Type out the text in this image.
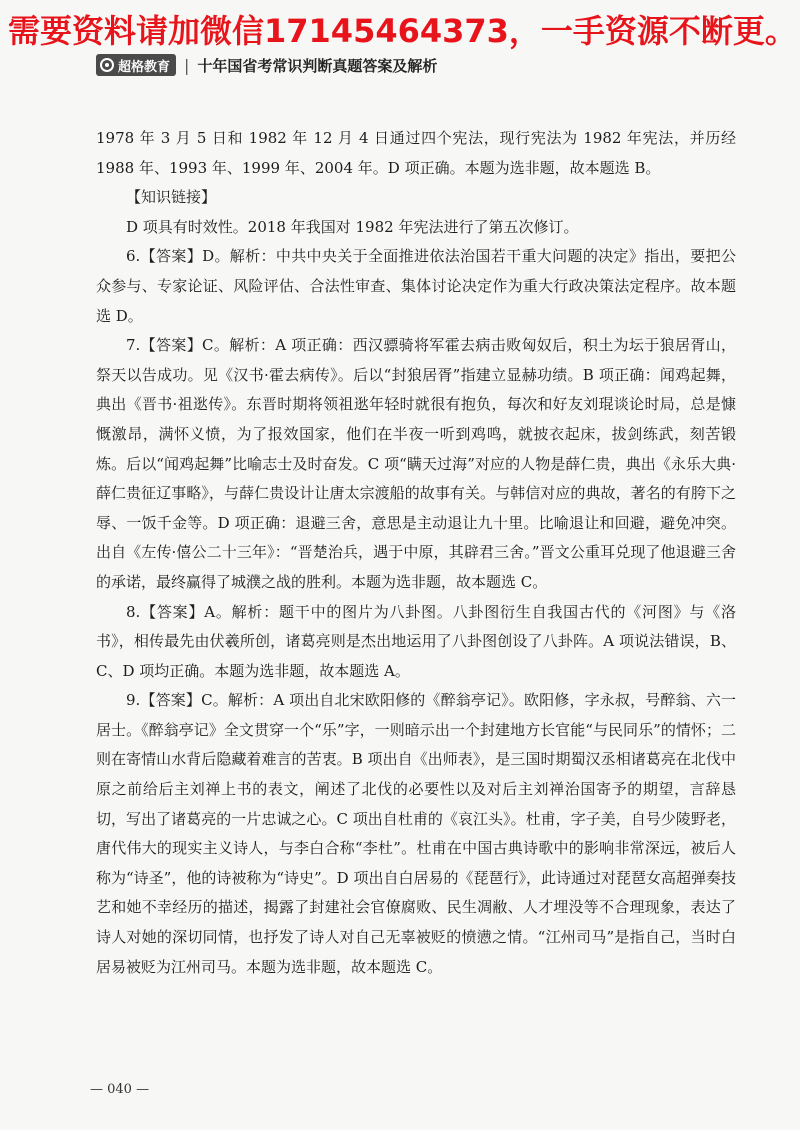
需要资料请加微信17145464373，一手资源不断更。
超格教育 | 十年国省考常识判断真题答案及解析

1978 年 3 月 5 日和 1982 年 12 月 4 日通过四个宪法，现行宪法为 1982 年宪法，并历经 1988 年、1993 年、1999 年、2004 年。D 项正确。本题为选非题，故本题选 B。

【知识链接】

D 项具有时效性。2018 年我国对 1982 年宪法进行了第五次修订。

6.【答案】D。解析：中共中央关于全面推进依法治国若干重大问题的决定》指出，要把公众参与、专家论证、风险评估、合法性审查、集体讨论决定作为重大行政决策法定程序。故本题选 D。

7.【答案】C。解析：A 项正确：西汉骠骑将军霍去病击败匈奴后，积土为坛于狼居胥山，祭天以告成功。见《汉书·霍去病传》。后以“封狼居胥”指建立显赫功绩。B 项正确：闻鸡起舞，典出《晋书·祖逖传》。东晋时期将领祖逖年轻时就很有抱负，每次和好友刘琨谈论时局，总是慷慨激昂，满怀义愤，为了报效国家，他们在半夜一听到鸡鸣，就披衣起床，拔剑练武，刻苦锻炼。后以“闻鸡起舞”比喻志士及时奋发。C 项“瞒天过海”对应的人物是薛仁贵，典出《永乐大典·薛仁贵征辽事略》，与薛仁贵设计让唐太宗渡船的故事有关。与韩信对应的典故，著名的有胯下之辱、一饭千金等。D 项正确：退避三舍，意思是主动退让九十里。比喻退让和回避，避免冲突。出自《左传·僖公二十三年》：“晋楚治兵，遇于中原，其辟君三舍。”晋文公重耳兑现了他退避三舍的承诺，最终赢得了城濮之战的胜利。本题为选非题，故本题选 C。

8.【答案】A。解析：题干中的图片为八卦图。八卦图衍生自我国古代的《河图》与《洛书》，相传最先由伏羲所创，诸葛亮则是杰出地运用了八卦图创设了八卦阵。A 项说法错误，B、C、D 项均正确。本题为选非题，故本题选 A。

9.【答案】C。解析：A 项出自北宋欧阳修的《醉翁亭记》。欧阳修，字永叔，号醉翁、六一居士。《醉翁亭记》全文贯穿一个“乐”字，一则暗示出一个封建地方长官能“与民同乐”的情怀；二则在寄情山水背后隐藏着难言的苦衷。B 项出自《出师表》，是三国时期蜀汉丞相诸葛亮在北伐中原之前给后主刘禅上书的表文，阐述了北伐的必要性以及对后主刘禅治国寄予的期望，言辞恳切，写出了诸葛亮的一片忠诚之心。C 项出自杜甫的《哀江头》。杜甫，字子美，自号少陵野老，唐代伟大的现实主义诗人，与李白合称“李杜”。杜甫在中国古典诗歌中的影响非常深远，被后人称为“诗圣”，他的诗被称为“诗史”。D 项出自白居易的《琵琶行》，此诗通过对琵琶女高超弹奏技艺和她不幸经历的描述，揭露了封建社会官僚腐败、民生凋敝、人才埋没等不合理现象，表达了诗人对她的深切同情，也抒发了诗人对自己无辜被贬的愤懑之情。“江州司马”是指自己，当时白居易被贬为江州司马。本题为选非题，故本题选 C。

— 040 —
